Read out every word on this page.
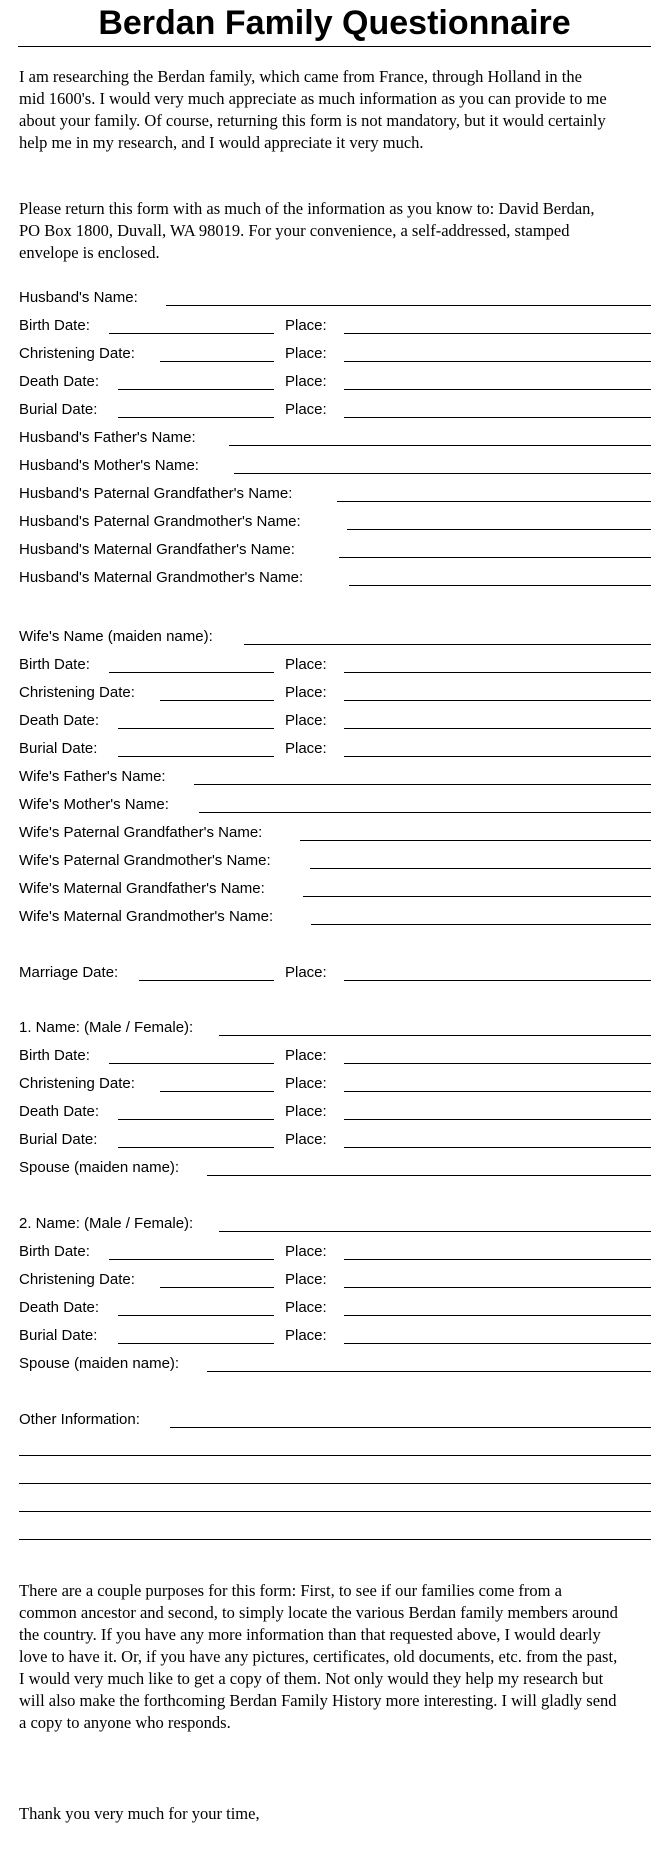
Berdan Family Questionnaire

I am researching the Berdan family, which came from France, through Holland in the mid 1600's. I would very much appreciate as much information as you can provide to me about your family. Of course, returning this form is not mandatory, but it would certainly help me in my research, and I would appreciate it very much.

Please return this form with as much of the information as you know to: David Berdan, PO Box 1800, Duvall, WA 98019. For your convenience, a self-addressed, stamped envelope is enclosed.

Husband's Name:
Birth Date:	Place:
Christening Date:	Place:
Death Date:	Place:
Burial Date:	Place:
Husband's Father's Name:
Husband's Mother's Name:
Husband's Paternal Grandfather's Name:
Husband's Paternal Grandmother's Name:
Husband's Maternal Grandfather's Name:
Husband's Maternal Grandmother's Name:
Wife's Name (maiden name):
Birth Date:	Place:
Christening Date:	Place:
Death Date:	Place:
Burial Date:	Place:
Wife's Father's Name:
Wife's Mother's Name:
Wife's Paternal Grandfather's Name:
Wife's Paternal Grandmother's Name:
Wife's Maternal Grandfather's Name:
Wife's Maternal Grandmother's Name:
Marriage Date:	Place:
1. Name: (Male / Female):
Birth Date:	Place:
Christening Date:	Place:
Death Date:	Place:
Burial Date:	Place:
Spouse (maiden name):
2. Name: (Male / Female):
Birth Date:	Place:
Christening Date:	Place:
Death Date:	Place:
Burial Date:	Place:
Spouse (maiden name):
Other Information:

There are a couple purposes for this form: First, to see if our families come from a common ancestor and second, to simply locate the various Berdan family members around the country. If you have any more information than that requested above, I would dearly love to have it. Or, if you have any pictures, certificates, old documents, etc. from the past, I would very much like to get a copy of them. Not only would they help my research but will also make the forthcoming Berdan Family History more interesting. I will gladly send a copy to anyone who responds.

Thank you very much for your time,
